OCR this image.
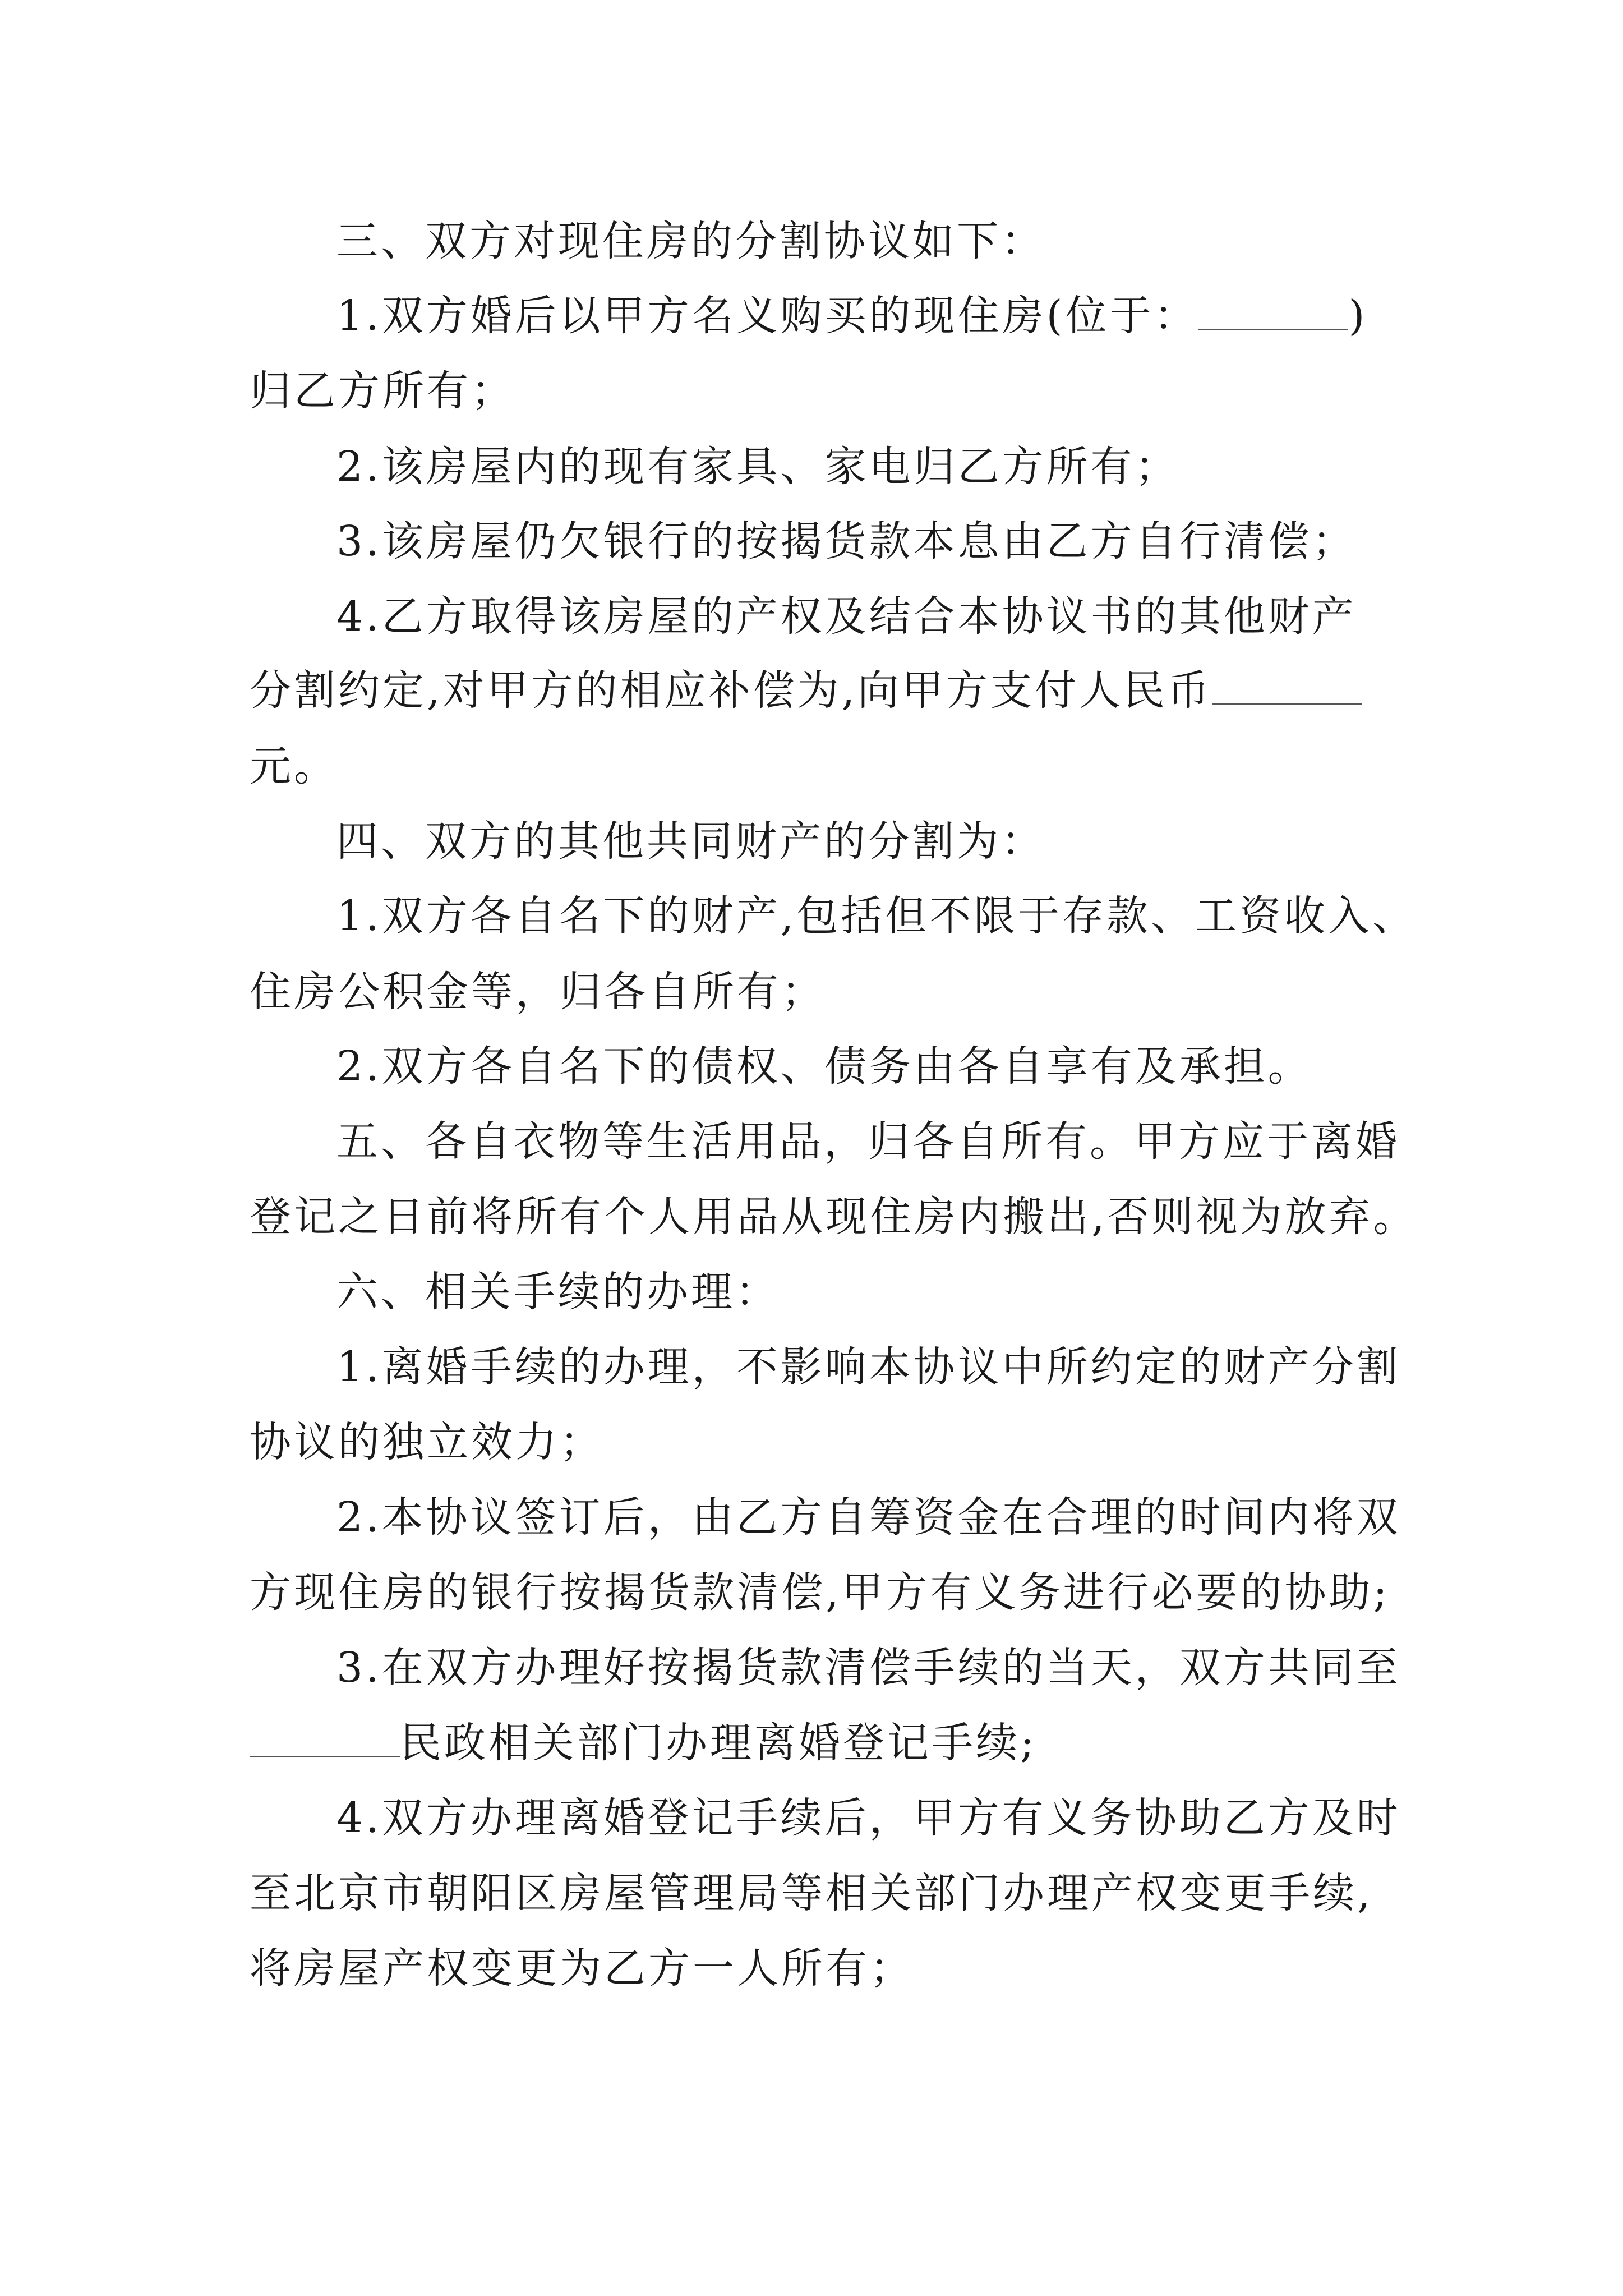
三、双方对现住房的分割协议如下：
1.双方婚后以甲方名义购买的现住房(位于：	)
归乙方所有；
2.该房屋内的现有家具、家电归乙方所有；
3.该房屋仍欠银行的按揭货款本息由乙方自行清偿；
4.乙方取得该房屋的产权及结合本协议书的其他财产
分割约定,对甲方的相应补偿为,向甲方支付人民币
元。
四、双方的其他共同财产的分割为：
1.双方各自名下的财产,包括但不限于存款、工资收入、
住房公积金等，归各自所有；
2.双方各自名下的债权、债务由各自享有及承担。
五、各自衣物等生活用品，归各自所有。甲方应于离婚
登记之日前将所有个人用品从现住房内搬出,否则视为放弃。
六、相关手续的办理：
1.离婚手续的办理，不影响本协议中所约定的财产分割
协议的独立效力；
2.本协议签订后，由乙方自筹资金在合理的时间内将双
方现住房的银行按揭货款清偿,甲方有义务进行必要的协助;
3.在双方办理好按揭货款清偿手续的当天，双方共同至
民政相关部门办理离婚登记手续;
4.双方办理离婚登记手续后，甲方有义务协助乙方及时
至北京市朝阳区房屋管理局等相关部门办理产权变更手续,
将房屋产权变更为乙方一人所有；
